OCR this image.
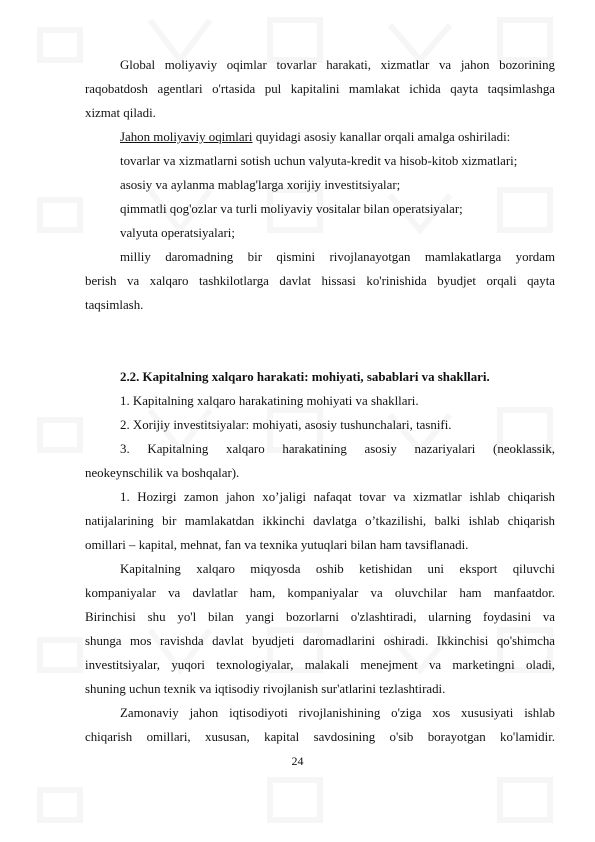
Global moliyaviy oqimlar tovarlar harakati, xizmatlar va jahon bozorining
raqobatdosh agentlari o'rtasida pul kapitalini mamlakat ichida qayta taqsimlashga
xizmat qiladi.
Jahon moliyaviy oqimlari quyidagi asosiy kanallar orqali amalga oshiriladi:
tovarlar va xizmatlarni sotish uchun valyuta-kredit va hisob-kitob xizmatlari;
asosiy va aylanma mablag'larga xorijiy investitsiyalar;
qimmatli qog'ozlar va turli moliyaviy vositalar bilan operatsiyalar;
valyuta operatsiyalari;
milliy daromadning bir qismini rivojlanayotgan mamlakatlarga yordam
berish va xalqaro tashkilotlarga davlat hissasi ko'rinishida byudjet orqali qayta
taqsimlash.
2.2. Kapitalning xalqaro harakati: mohiyati, sabablari va shakllari.
1. Kapitalning xalqaro harakatining mohiyati va shakllari.
2. Xorijiy investitsiyalar: mohiyati, asosiy tushunchalari, tasnifi.
3. Kapitalning xalqaro harakatining asosiy nazariyalari (neoklassik,
neokeynschilik va boshqalar).
1. Hozirgi zamon jahon xo’jaligi nafaqat tovar va xizmatlar ishlab chiqarish
natijalarining bir mamlakatdan ikkinchi davlatga o’tkazilishi, balki ishlab chiqarish
omillari – kapital, mehnat, fan va texnika yutuqlari bilan ham tavsiflanadi.
Kapitalning xalqaro miqyosda oshib ketishidan uni eksport qiluvchi
kompaniyalar va davlatlar ham, kompaniyalar va oluvchilar ham manfaatdor.
Birinchisi shu yo'l bilan yangi bozorlarni o'zlashtiradi, ularning foydasini va
shunga mos ravishda davlat byudjeti daromadlarini oshiradi. Ikkinchisi qo'shimcha
investitsiyalar, yuqori texnologiyalar, malakali menejment va marketingni oladi,
shuning uchun texnik va iqtisodiy rivojlanish sur'atlarini tezlashtiradi.
Zamonaviy jahon iqtisodiyoti rivojlanishining o'ziga xos xususiyati ishlab
chiqarish omillari, xususan, kapital savdosining o'sib borayotgan ko'lamidir.
24
